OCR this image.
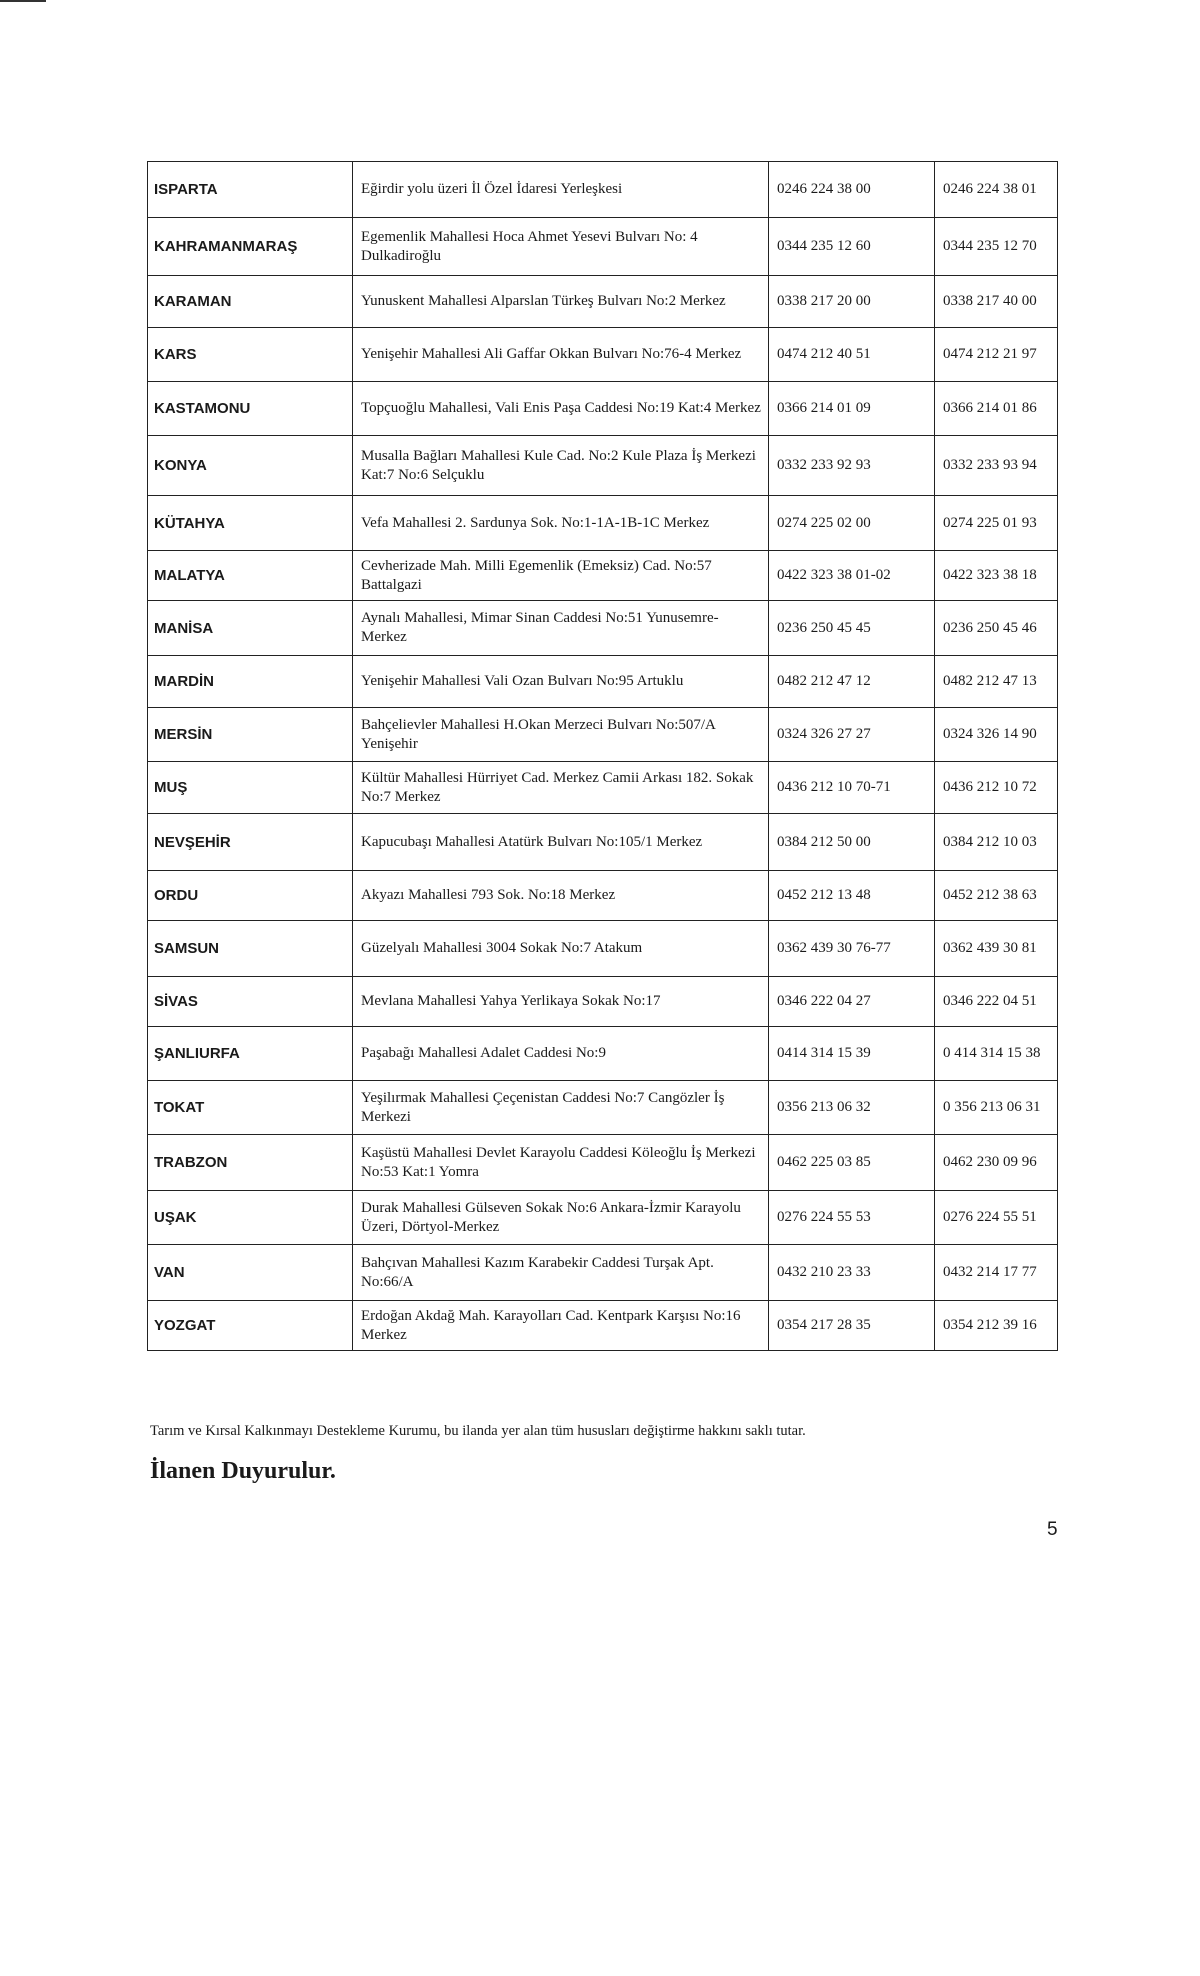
ISPARTA	Eğirdir yolu üzeri İl Özel İdaresi Yerleşkesi	0246 224 38 00	0246 224 38 01
KAHRAMANMARAŞ	Egemenlik Mahallesi Hoca Ahmet Yesevi Bulvarı No: 4 Dulkadiroğlu	0344 235 12 60	0344 235 12 70
KARAMAN	Yunuskent Mahallesi Alparslan Türkeş Bulvarı No:2 Merkez	0338 217 20 00	0338 217 40 00
KARS	Yenişehir Mahallesi Ali Gaffar Okkan Bulvarı No:76-4 Merkez	0474 212 40 51	0474 212 21 97
KASTAMONU	Topçuoğlu Mahallesi, Vali Enis Paşa Caddesi No:19 Kat:4 Merkez	0366 214 01 09	0366 214 01 86
KONYA	Musalla Bağları Mahallesi Kule Cad. No:2 Kule Plaza İş Merkezi Kat:7 No:6 Selçuklu	0332 233 92 93	0332 233 93 94
KÜTAHYA	Vefa Mahallesi 2. Sardunya Sok. No:1-1A-1B-1C Merkez	0274 225 02 00	0274 225 01 93
MALATYA	Cevherizade Mah. Milli Egemenlik (Emeksiz) Cad. No:57 Battalgazi	0422 323 38 01-02	0422 323 38 18
MANİSA	Aynalı Mahallesi, Mimar Sinan Caddesi No:51 Yunusemre-Merkez	0236 250 45 45	0236 250 45 46
MARDİN	Yenişehir Mahallesi Vali Ozan Bulvarı No:95 Artuklu	0482 212 47 12	0482 212 47 13
MERSİN	Bahçelievler Mahallesi H.Okan Merzeci Bulvarı No:507/A Yenişehir	0324 326 27 27	0324 326 14 90
MUŞ	Kültür Mahallesi Hürriyet Cad. Merkez Camii Arkası 182. Sokak No:7 Merkez	0436 212 10 70-71	0436 212 10 72
NEVŞEHİR	Kapucubaşı Mahallesi Atatürk Bulvarı No:105/1 Merkez	0384 212 50 00	0384 212 10 03
ORDU	Akyazı Mahallesi 793 Sok. No:18 Merkez	0452 212 13 48	0452 212 38 63
SAMSUN	Güzelyalı Mahallesi 3004 Sokak No:7 Atakum	0362 439 30 76-77	0362 439 30 81
SİVAS	Mevlana Mahallesi Yahya Yerlikaya Sokak No:17	0346 222 04 27	0346 222 04 51
ŞANLIURFA	Paşabağı Mahallesi Adalet Caddesi No:9	0414 314 15 39	0 414 314 15 38
TOKAT	Yeşilırmak Mahallesi Çeçenistan Caddesi No:7 Cangözler İş Merkezi	0356 213 06 32	0 356 213 06 31
TRABZON	Kaşüstü Mahallesi Devlet Karayolu Caddesi Köleoğlu İş Merkezi No:53 Kat:1 Yomra	0462 225 03 85	0462 230 09 96
UŞAK	Durak Mahallesi Gülseven Sokak No:6 Ankara-İzmir Karayolu Üzeri, Dörtyol-Merkez	0276 224 55 53	0276 224 55 51
VAN	Bahçıvan Mahallesi Kazım Karabekir Caddesi Turşak Apt. No:66/A	0432 210 23 33	0432 214 17 77
YOZGAT	Erdoğan Akdağ Mah. Karayolları Cad. Kentpark Karşısı No:16 Merkez	0354 217 28 35	0354 212 39 16
Tarım ve Kırsal Kalkınmayı Destekleme Kurumu, bu ilanda yer alan tüm hususları değiştirme hakkını saklı tutar.
İlanen Duyurulur.
5
